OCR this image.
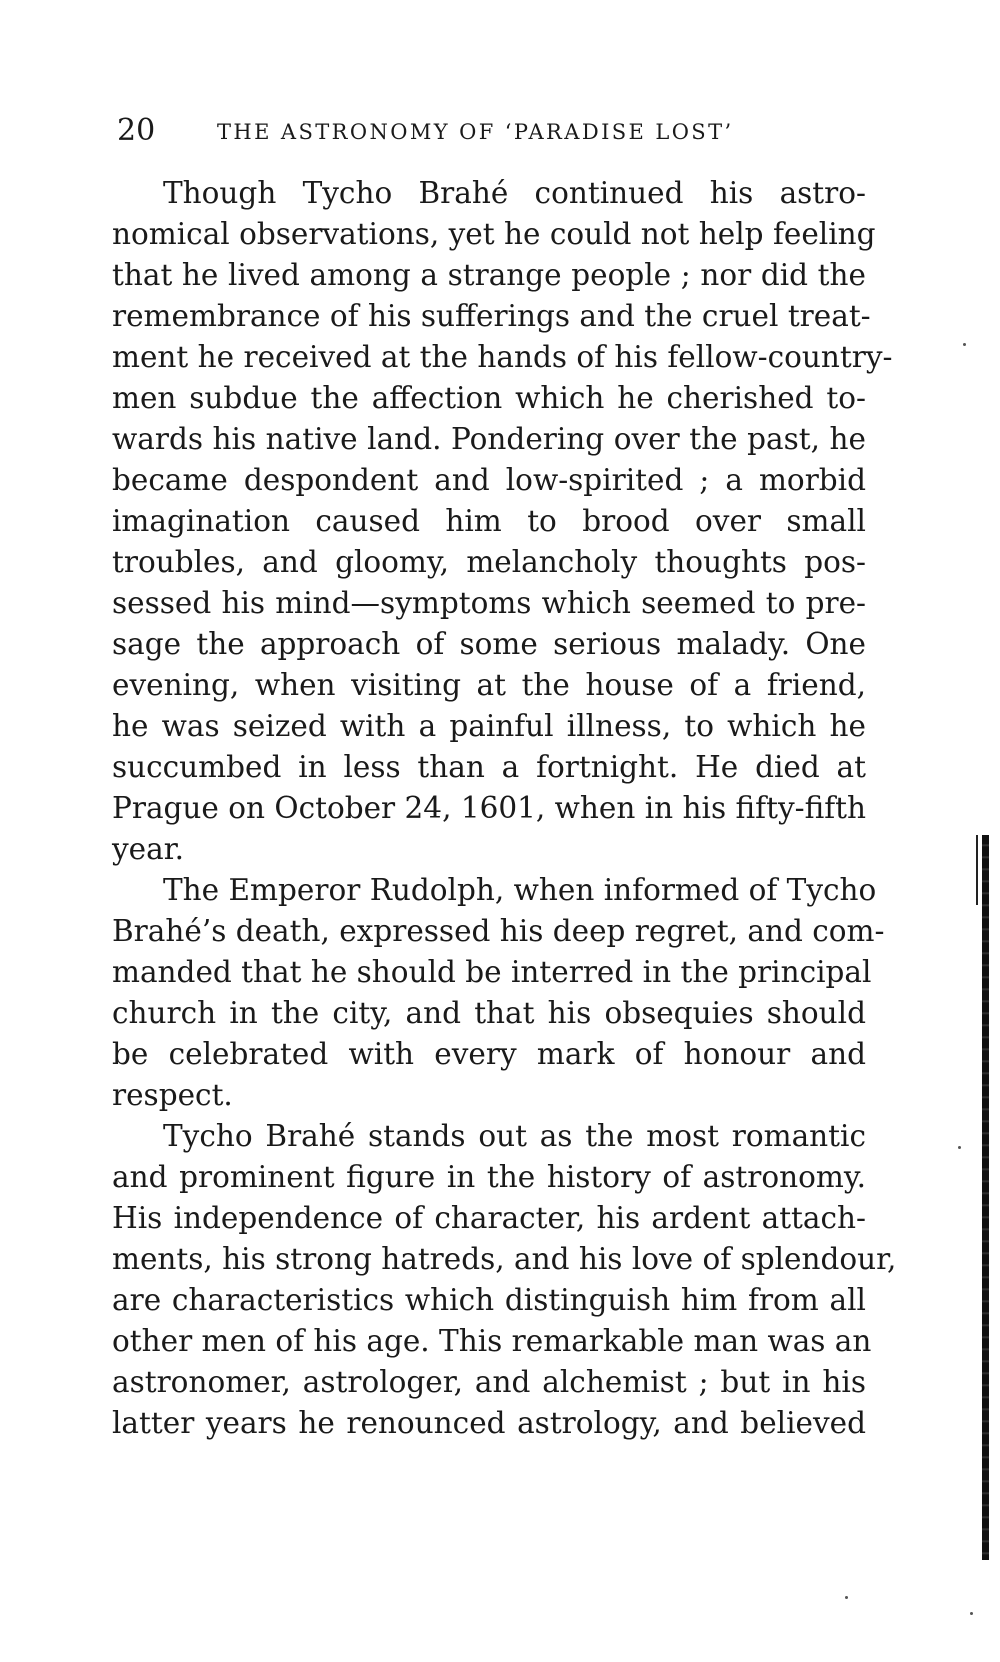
20	THE ASTRONOMY OF ‘PARADISE LOST’
Though Tycho Brahé continued his astro-
nomical observations, yet he could not help feeling
that he lived among a strange people ; nor did the
remembrance of his sufferings and the cruel treat-
ment he received at the hands of his fellow-country-
men subdue the affection which he cherished to-
wards his native land. Pondering over the past, he
became despondent and low-spirited ; a morbid
imagination caused him to brood over small
troubles, and gloomy, melancholy thoughts pos-
sessed his mind—symptoms which seemed to pre-
sage the approach of some serious malady. One
evening, when visiting at the house of a friend,
he was seized with a painful illness, to which he
succumbed in less than a fortnight. He died at
Prague on October 24, 1601, when in his fifty-fifth
year.
The Emperor Rudolph, when informed of Tycho
Brahé’s death, expressed his deep regret, and com-
manded that he should be interred in the principal
church in the city, and that his obsequies should
be celebrated with every mark of honour and
respect.
Tycho Brahé stands out as the most romantic
and prominent figure in the history of astronomy.
His independence of character, his ardent attach-
ments, his strong hatreds, and his love of splendour,
are characteristics which distinguish him from all
other men of his age. This remarkable man was an
astronomer, astrologer, and alchemist ; but in his
latter years he renounced astrology, and believed
